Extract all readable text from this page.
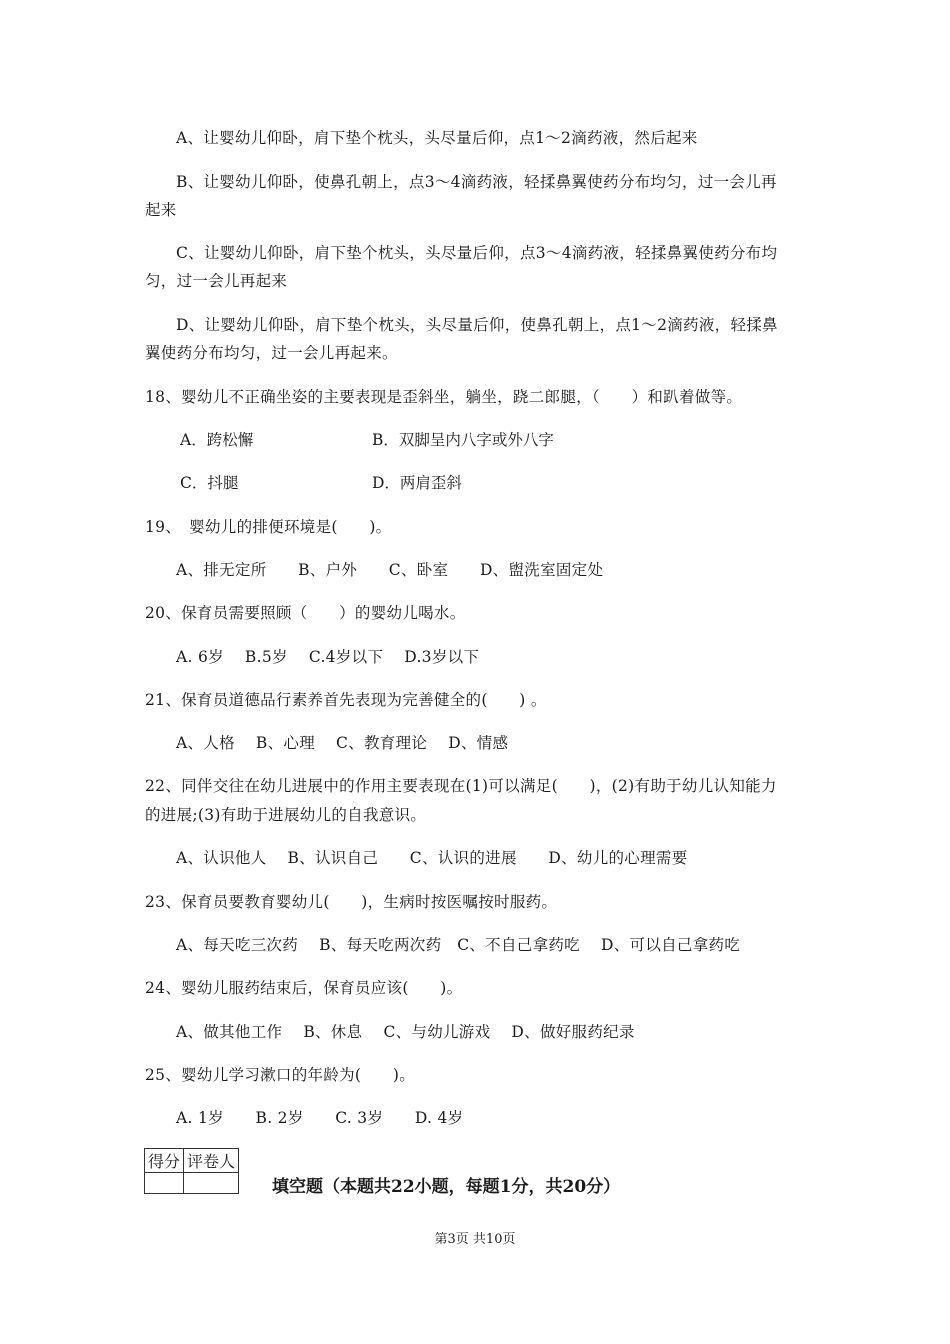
A、让婴幼儿仰卧，肩下垫个枕头，头尽量后仰，点1～2滴药液，然后起来
B、让婴幼儿仰卧，使鼻孔朝上，点3～4滴药液，轻揉鼻翼使药分布均匀，过一会儿再
起来
C、让婴幼儿仰卧，肩下垫个枕头，头尽量后仰，点3～4滴药液，轻揉鼻翼使药分布均
匀，过一会儿再起来
D、让婴幼儿仰卧，肩下垫个枕头，头尽量后仰，使鼻孔朝上，点1～2滴药液，轻揉鼻
翼使药分布均匀，过一会儿再起来。
18、婴幼儿不正确坐姿的主要表现是歪斜坐，躺坐，跷二郎腿，（　　）和趴着做等。
A．跨松懈	B．双脚呈内八字或外八字
C．抖腿	D．两肩歪斜
19、　婴幼儿的排便环境是(　　)。
A、排无定所　　B、户外　　C、卧室　　D、盥洗室固定处
20、保育员需要照顾（　　）的婴幼儿喝水。
A. 6岁　 B.5岁　 C.4岁以下　 D.3岁以下
21、保育员道德品行素养首先表现为完善健全的(　　) 。
A、人格　 B、心理　 C、教育理论　 D、情感
22、同伴交往在幼儿进展中的作用主要表现在(1)可以满足(　　)，(2)有助于幼儿认知能力
的进展;(3)有助于进展幼儿的自我意识。
A、认识他人　 B、认识自己　　C、认识的进展　　D、幼儿的心理需要
23、保育员要教育婴幼儿(　　)，生病时按医嘱按时服药。
A、每天吃三次药　 B、每天吃两次药　C、不自己拿药吃　 D、可以自己拿药吃
24、婴幼儿服药结束后，保育员应该(　　)。
A、做其他工作　 B、休息　 C、与幼儿游戏　 D、做好服药纪录
25、婴幼儿学习漱口的年龄为(　　)。
A. 1岁　　B. 2岁　　C. 3岁　　D. 4岁
得分	评卷人

填空题（本题共22小题，每题1分，共20分）
第3页 共10页
